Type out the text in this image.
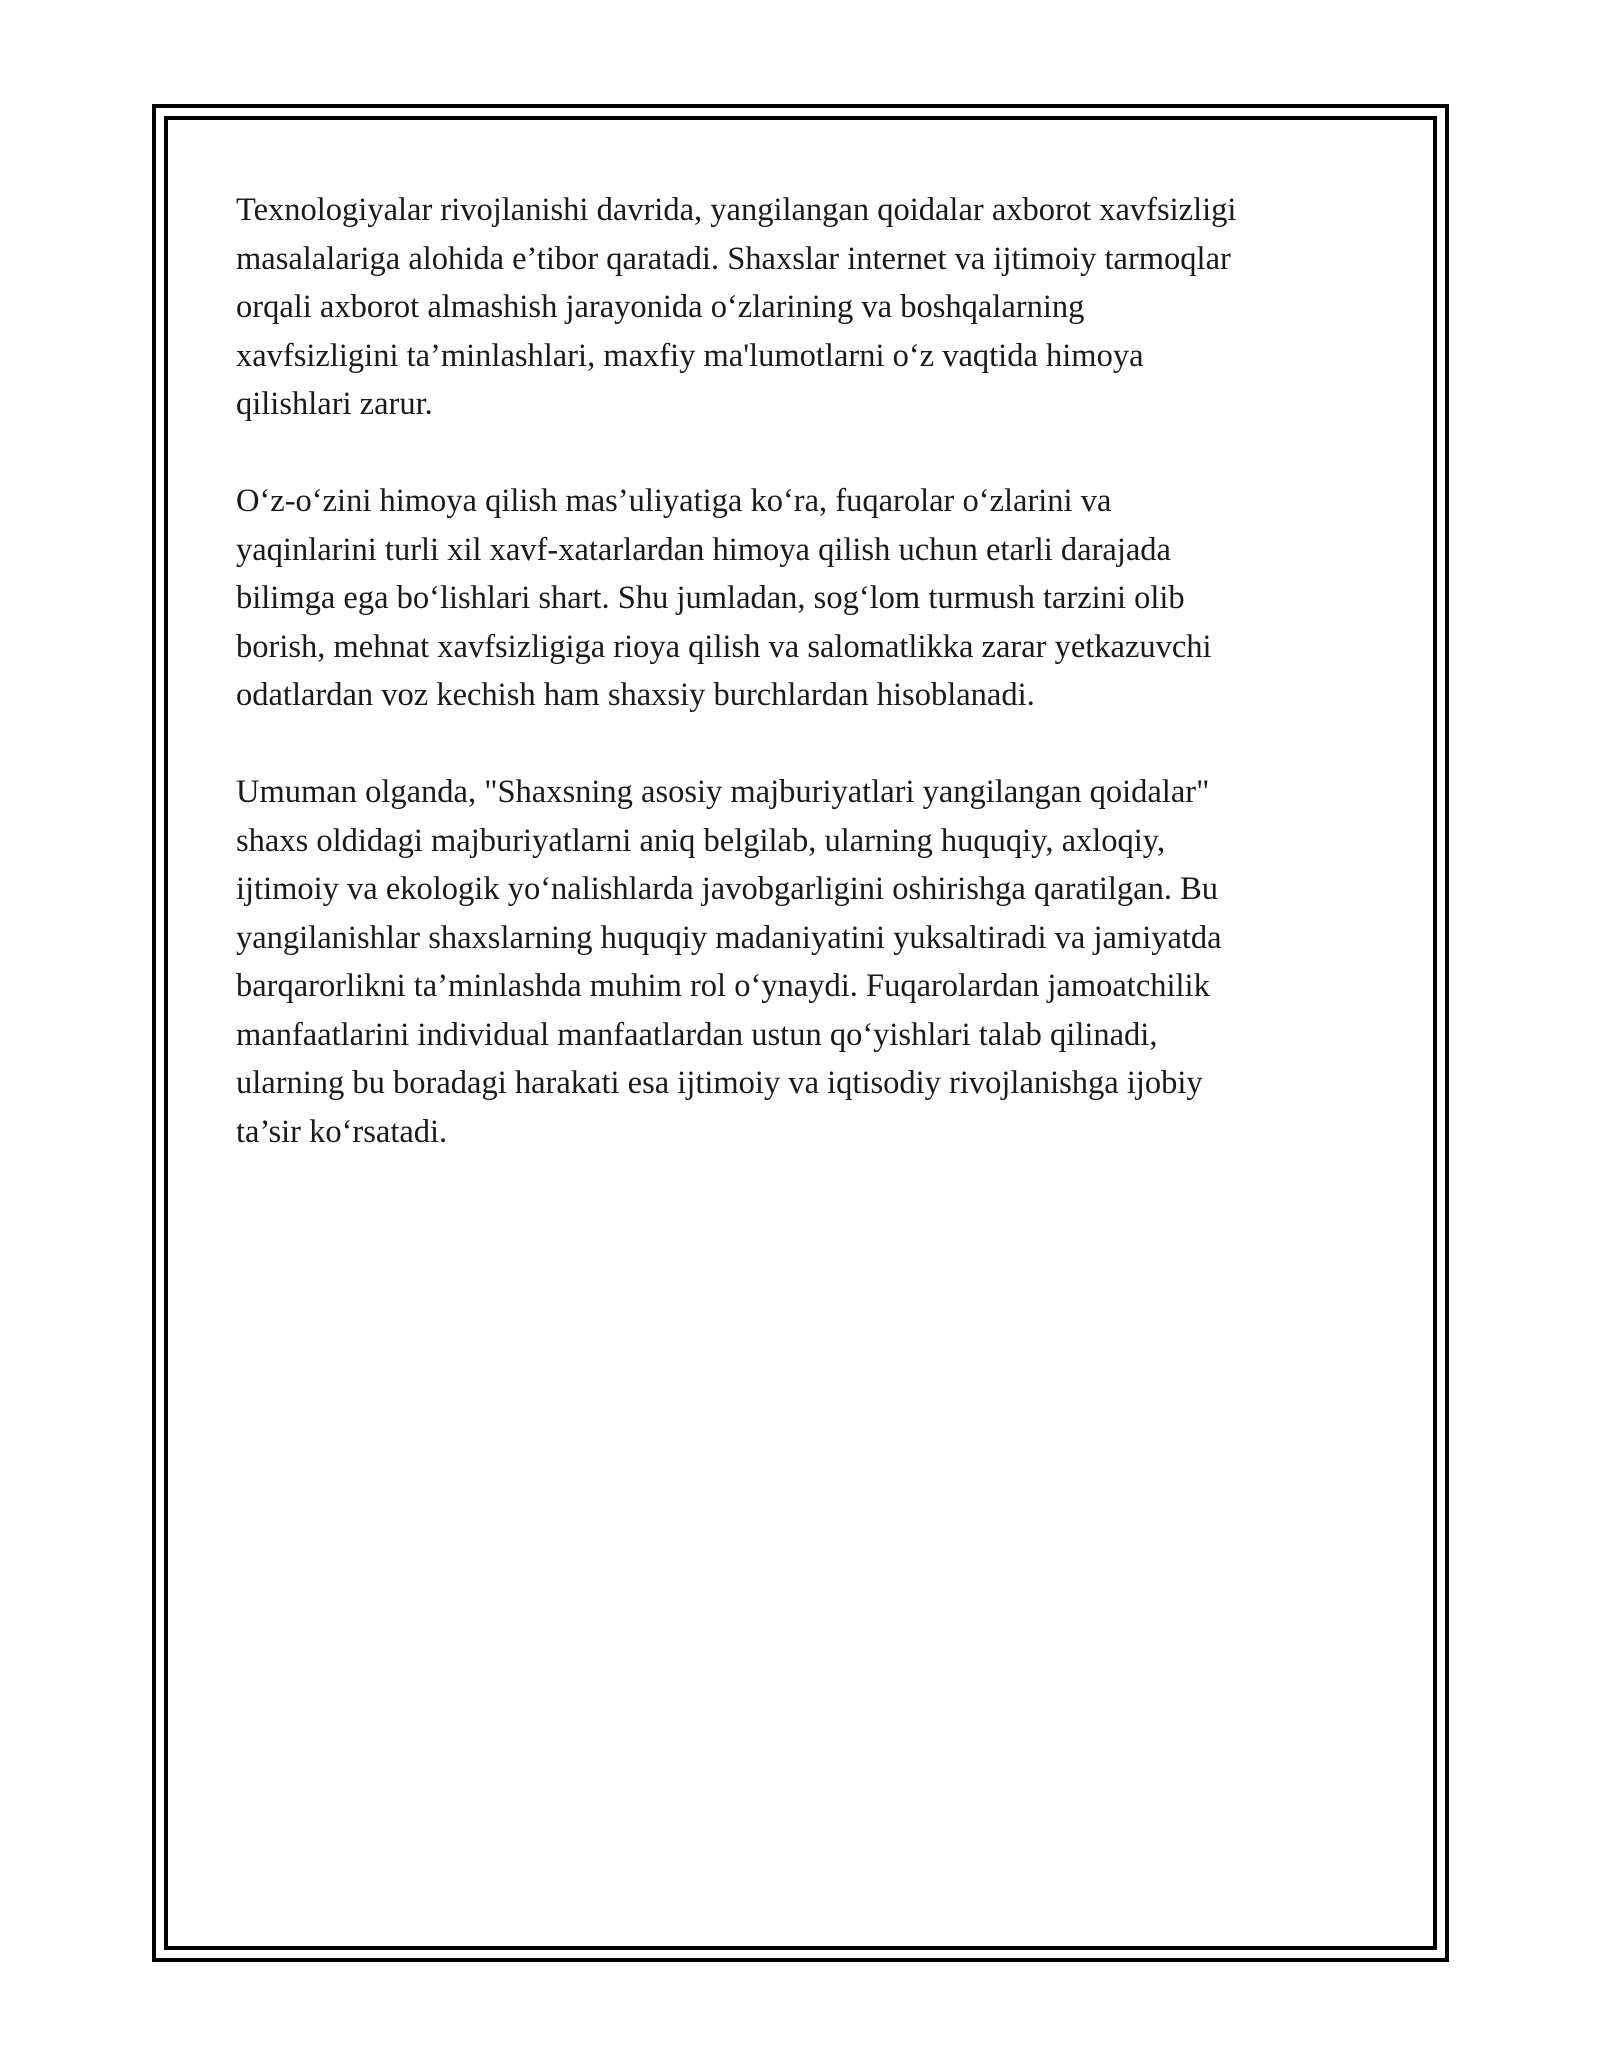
Texnologiyalar rivojlanishi davrida, yangilangan qoidalar axborot xavfsizligi
masalalariga alohida e’tibor qaratadi. Shaxslar internet va ijtimoiy tarmoqlar
orqali axborot almashish jarayonida o‘zlarining va boshqalarning
xavfsizligini ta’minlashlari, maxfiy ma'lumotlarni o‘z vaqtida himoya
qilishlari zarur.

O‘z-o‘zini himoya qilish mas’uliyatiga ko‘ra, fuqarolar o‘zlarini va
yaqinlarini turli xil xavf-xatarlardan himoya qilish uchun etarli darajada
bilimga ega bo‘lishlari shart. Shu jumladan, sog‘lom turmush tarzini olib
borish, mehnat xavfsizligiga rioya qilish va salomatlikka zarar yetkazuvchi
odatlardan voz kechish ham shaxsiy burchlardan hisoblanadi.

Umuman olganda, "Shaxsning asosiy majburiyatlari yangilangan qoidalar"
shaxs oldidagi majburiyatlarni aniq belgilab, ularning huquqiy, axloqiy,
ijtimoiy va ekologik yo‘nalishlarda javobgarligini oshirishga qaratilgan. Bu
yangilanishlar shaxslarning huquqiy madaniyatini yuksaltiradi va jamiyatda
barqarorlikni ta’minlashda muhim rol o‘ynaydi. Fuqarolardan jamoatchilik
manfaatlarini individual manfaatlardan ustun qo‘yishlari talab qilinadi,
ularning bu boradagi harakati esa ijtimoiy va iqtisodiy rivojlanishga ijobiy
ta’sir ko‘rsatadi.
